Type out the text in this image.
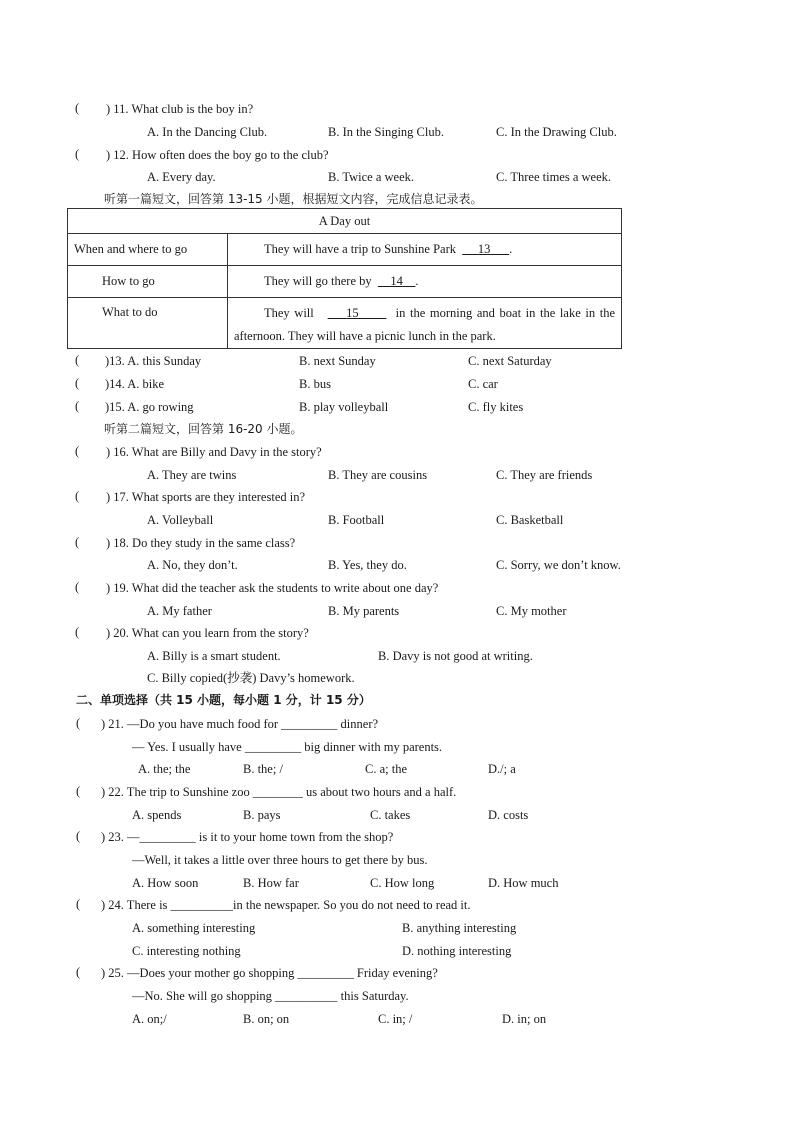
( ) 11. What club is the boy in?
A. In the Dancing Club.	B. In the Singing Club.	C. In the Drawing Club.
( ) 12. How often does the boy go to the club?
A. Every day.	B. Twice a week.	C. Three times a week.
听第一篇短文，回答第 13-15 小题，根据短文内容，完成信息记录表。
A Day out	
When and where to go	They will have a trip to Sunshine Park 13 .
How to go	They will go there by 14 .
What to do	They will 15 in the morning and boat in the lake in the afternoon. They will have a picnic lunch in the park.
( )13. A. this Sunday	B. next Sunday	C. next Saturday
( )14. A. bike	B. bus	C. car
( )15. A. go rowing	B. play volleyball	C. fly kites
听第二篇短文，回答第 16-20 小题。
( ) 16. What are Billy and Davy in the story?
A. They are twins	B. They are cousins	C. They are friends
( ) 17. What sports are they interested in?
A. Volleyball	B. Football	C. Basketball
( ) 18. Do they study in the same class?
A. No, they don’t.	B. Yes, they do.	C. Sorry, we don’t know.
( ) 19. What did the teacher ask the students to write about one day?
A. My father	B. My parents	C. My mother
( ) 20. What can you learn from the story?
A. Billy is a smart student.	B. Davy is not good at writing.
C. Billy copied(抄袭) Davy’s homework.
二、单项选择（共 15 小题，每小题 1 分，计 15 分）
( ) 21. —Do you have much food for _________ dinner?
— Yes. I usually have _________ big dinner with my parents.
A. the; the	B. the; /	C. a; the	D./; a
( ) 22. The trip to Sunshine zoo ________ us about two hours and a half.
A. spends	B. pays	C. takes	D. costs
( ) 23. —_________ is it to your home town from the shop?
—Well, it takes a little over three hours to get there by bus.
A. How soon	B. How far	C. How long	D. How much
( ) 24. There is __________in the newspaper. So you do not need to read it.
A. something interesting	B. anything interesting
C. interesting nothing	D. nothing interesting
( ) 25. —Does your mother go shopping _________ Friday evening?
—No. She will go shopping __________ this Saturday.
A. on;/	B. on; on	C. in; /	D. in; on
